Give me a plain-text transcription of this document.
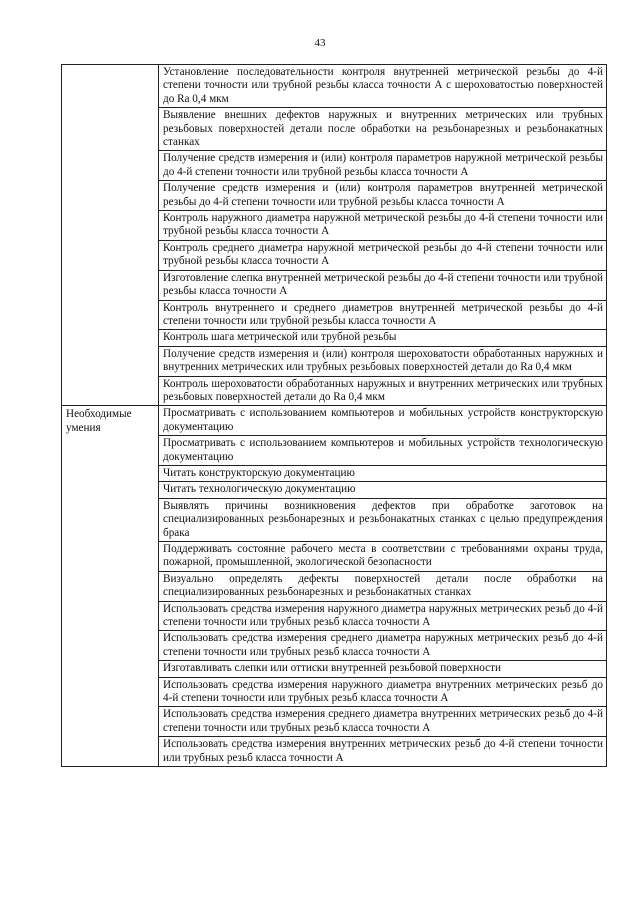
43
	Установление последовательности контроля внутренней метрической резьбы до 4-й степени точности или трубной резьбы класса точности А с шероховатостью поверхностей до Ra 0,4 мкм
	Выявление внешних дефектов наружных и внутренних метрических или трубных резьбовых поверхностей детали после обработки на резьбонарезных и резьбонакатных станках
	Получение средств измерения и (или) контроля параметров наружной метрической резьбы до 4-й степени точности или трубной резьбы класса точности А
	Получение средств измерения и (или) контроля параметров внутренней метрической резьбы до 4-й степени точности или трубной резьбы класса точности А
	Контроль наружного диаметра наружной метрической резьбы до 4-й степени точности или трубной резьбы класса точности А
	Контроль среднего диаметра наружной метрической резьбы до 4-й степени точности или трубной резьбы класса точности А
	Изготовление слепка внутренней метрической резьбы до 4-й степени точности или трубной резьбы класса точности А
	Контроль внутреннего и среднего диаметров внутренней метрической резьбы до 4-й степени точности или трубной резьбы класса точности А
	Контроль шага метрической или трубной резьбы
	Получение средств измерения и (или) контроля шероховатости обработанных наружных и внутренних метрических или трубных резьбовых поверхностей детали до Ra 0,4 мкм
	Контроль шероховатости обработанных наружных и внутренних метрических или трубных резьбовых поверхностей детали до Ra 0,4 мкм
Необходимые умения	Просматривать с использованием компьютеров и мобильных устройств конструкторскую документацию
	Просматривать с использованием компьютеров и мобильных устройств технологическую документацию
	Читать конструкторскую документацию
	Читать технологическую документацию
	Выявлять причины возникновения дефектов при обработке заготовок на специализированных резьбонарезных и резьбонакатных станках с целью предупреждения брака
	Поддерживать состояние рабочего места в соответствии с требованиями охраны труда, пожарной, промышленной, экологической безопасности
	Визуально определять дефекты поверхностей детали после обработки на специализированных резьбонарезных и резьбонакатных станках
	Использовать средства измерения наружного диаметра наружных метрических резьб до 4-й степени точности или трубных резьб класса точности А
	Использовать средства измерения среднего диаметра наружных метрических резьб до 4-й степени точности или трубных резьб класса точности А
	Изготавливать слепки или оттиски внутренней резьбовой поверхности
	Использовать средства измерения наружного диаметра внутренних метрических резьб до 4-й степени точности или трубных резьб класса точности А
	Использовать средства измерения среднего диаметра внутренних метрических резьб до 4-й степени точности или трубных резьб класса точности А
	Использовать средства измерения внутренних метрических резьб до 4-й степени точности или трубных резьб класса точности А
